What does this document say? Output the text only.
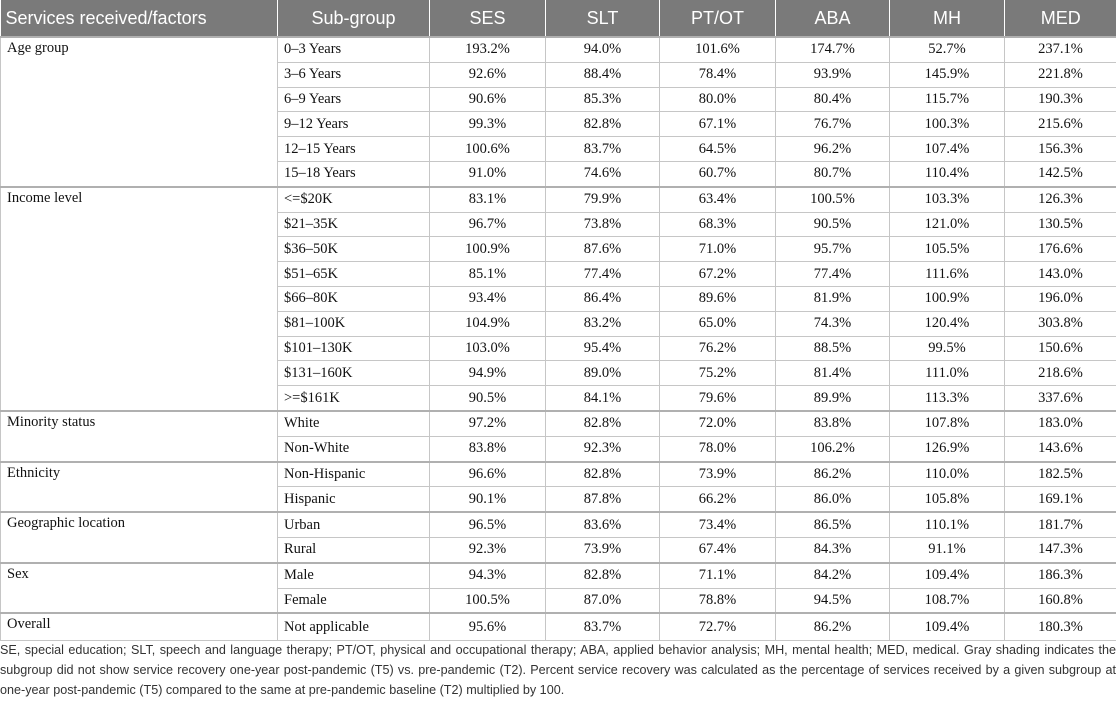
Services received/factors	Sub-group	SES	SLT	PT/OT	ABA	MH	MED
Age group	0–3 Years	193.2%	94.0%	101.6%	174.7%	52.7%	237.1%
	3–6 Years	92.6%	88.4%	78.4%	93.9%	145.9%	221.8%
	6–9 Years	90.6%	85.3%	80.0%	80.4%	115.7%	190.3%
	9–12 Years	99.3%	82.8%	67.1%	76.7%	100.3%	215.6%
	12–15 Years	100.6%	83.7%	64.5%	96.2%	107.4%	156.3%
	15–18 Years	91.0%	74.6%	60.7%	80.7%	110.4%	142.5%
Income level	<=$20K	83.1%	79.9%	63.4%	100.5%	103.3%	126.3%
	$21–35K	96.7%	73.8%	68.3%	90.5%	121.0%	130.5%
	$36–50K	100.9%	87.6%	71.0%	95.7%	105.5%	176.6%
	$51–65K	85.1%	77.4%	67.2%	77.4%	111.6%	143.0%
	$66–80K	93.4%	86.4%	89.6%	81.9%	100.9%	196.0%
	$81–100K	104.9%	83.2%	65.0%	74.3%	120.4%	303.8%
	$101–130K	103.0%	95.4%	76.2%	88.5%	99.5%	150.6%
	$131–160K	94.9%	89.0%	75.2%	81.4%	111.0%	218.6%
	>=$161K	90.5%	84.1%	79.6%	89.9%	113.3%	337.6%
Minority status	White	97.2%	82.8%	72.0%	83.8%	107.8%	183.0%
	Non-White	83.8%	92.3%	78.0%	106.2%	126.9%	143.6%
Ethnicity	Non-Hispanic	96.6%	82.8%	73.9%	86.2%	110.0%	182.5%
	Hispanic	90.1%	87.8%	66.2%	86.0%	105.8%	169.1%
Geographic location	Urban	96.5%	83.6%	73.4%	86.5%	110.1%	181.7%
	Rural	92.3%	73.9%	67.4%	84.3%	91.1%	147.3%
Sex	Male	94.3%	82.8%	71.1%	84.2%	109.4%	186.3%
	Female	100.5%	87.0%	78.8%	94.5%	108.7%	160.8%
Overall	Not applicable	95.6%	83.7%	72.7%	86.2%	109.4%	180.3%
SE, special education; SLT, speech and language therapy; PT/OT, physical and occupational therapy; ABA, applied behavior analysis; MH, mental health; MED, medical. Gray shading indicates the subgroup did not show service recovery one-year post-pandemic (T5) vs. pre-pandemic (T2). Percent service recovery was calculated as the percentage of services received by a given subgroup at one-year post-pandemic (T5) compared to the same at pre-pandemic baseline (T2) multiplied by 100.
